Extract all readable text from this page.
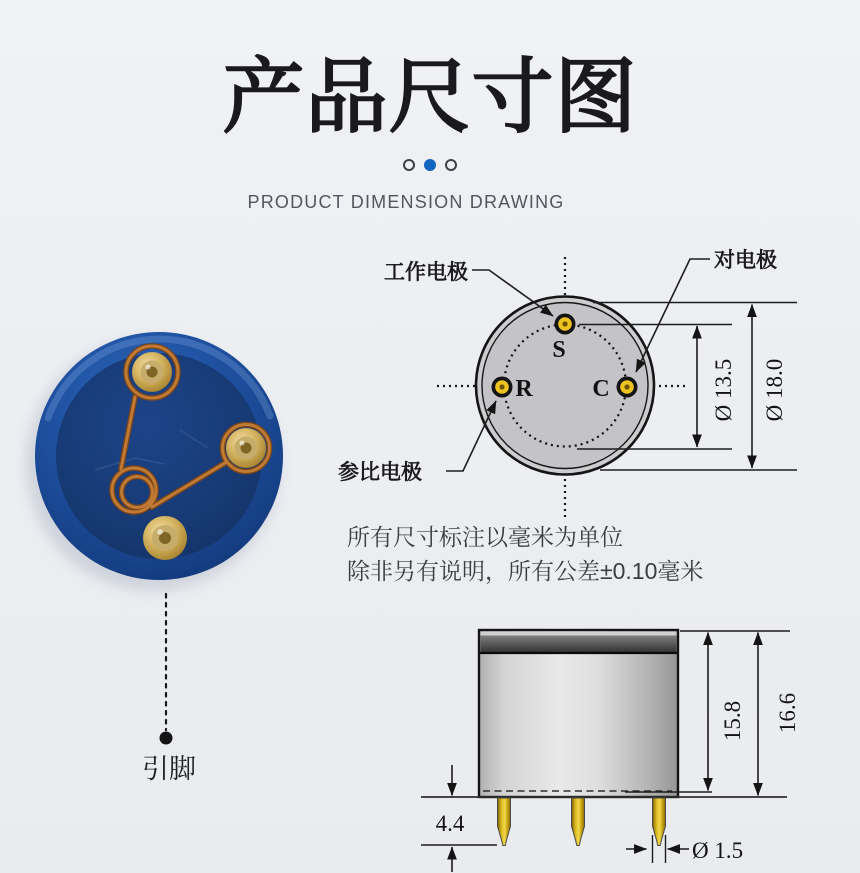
产品尺寸图
PRODUCT DIMENSION DRAWING
S
R C
工作电极
对电极
参比电极
Ø 13.5 Ø 18.0
所有尺寸标注以毫米为单位
除非另有说明，所有公差±0.10毫米
15.8 16.6
4.4
Ø 1.5
引脚
